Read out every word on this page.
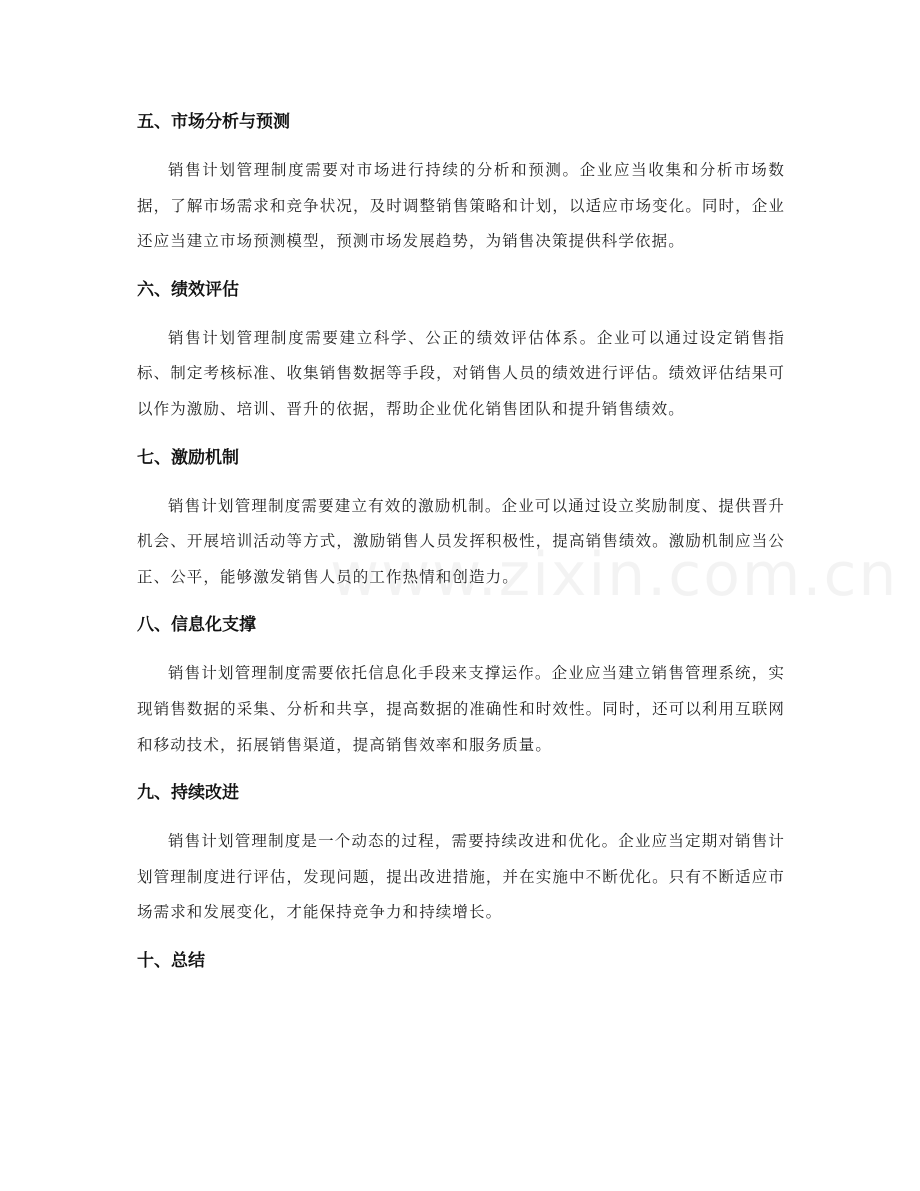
五、市场分析与预测

销售计划管理制度需要对市场进行持续的分析和预测。企业应当收集和分析市场数据，了解市场需求和竞争状况，及时调整销售策略和计划，以适应市场变化。同时，企业还应当建立市场预测模型，预测市场发展趋势，为销售决策提供科学依据。

六、绩效评估

销售计划管理制度需要建立科学、公正的绩效评估体系。企业可以通过设定销售指标、制定考核标准、收集销售数据等手段，对销售人员的绩效进行评估。绩效评估结果可以作为激励、培训、晋升的依据，帮助企业优化销售团队和提升销售绩效。

七、激励机制

销售计划管理制度需要建立有效的激励机制。企业可以通过设立奖励制度、提供晋升机会、开展培训活动等方式，激励销售人员发挥积极性，提高销售绩效。激励机制应当公正、公平，能够激发销售人员的工作热情和创造力。

八、信息化支撑

销售计划管理制度需要依托信息化手段来支撑运作。企业应当建立销售管理系统，实现销售数据的采集、分析和共享，提高数据的准确性和时效性。同时，还可以利用互联网和移动技术，拓展销售渠道，提高销售效率和服务质量。

九、持续改进

销售计划管理制度是一个动态的过程，需要持续改进和优化。企业应当定期对销售计划管理制度进行评估，发现问题，提出改进措施，并在实施中不断优化。只有不断适应市场需求和发展变化，才能保持竞争力和持续增长。

十、总结
